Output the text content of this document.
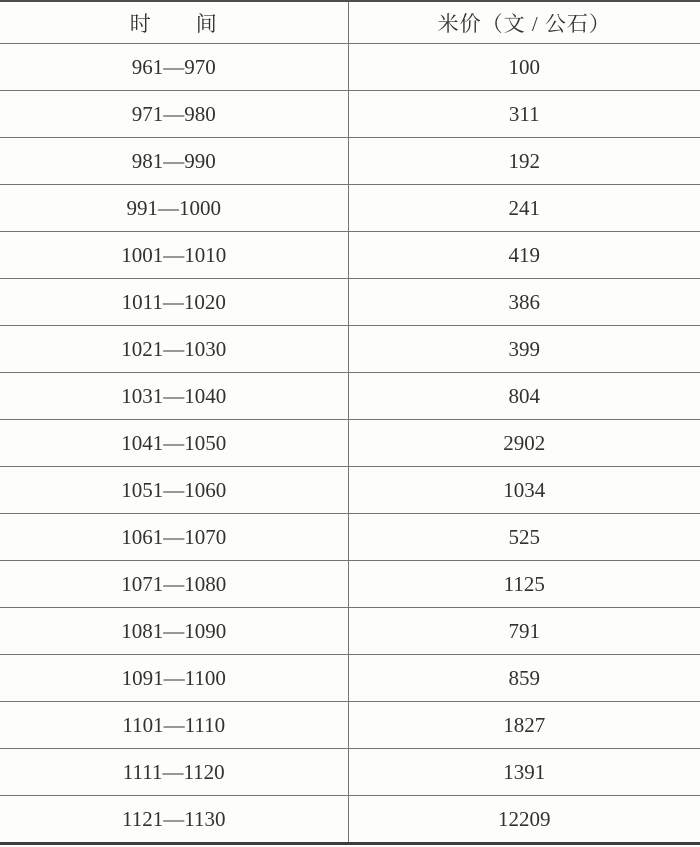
时　　间	米价（文 / 公石）
961—970	100
971—980	311
981—990	192
991—1000	241
1001—1010	419
1011—1020	386
1021—1030	399
1031—1040	804
1041—1050	2902
1051—1060	1034
1061—1070	525
1071—1080	1125
1081—1090	791
1091—1100	859
1101—1110	1827
1111—1120	1391
1121—1130	12209
